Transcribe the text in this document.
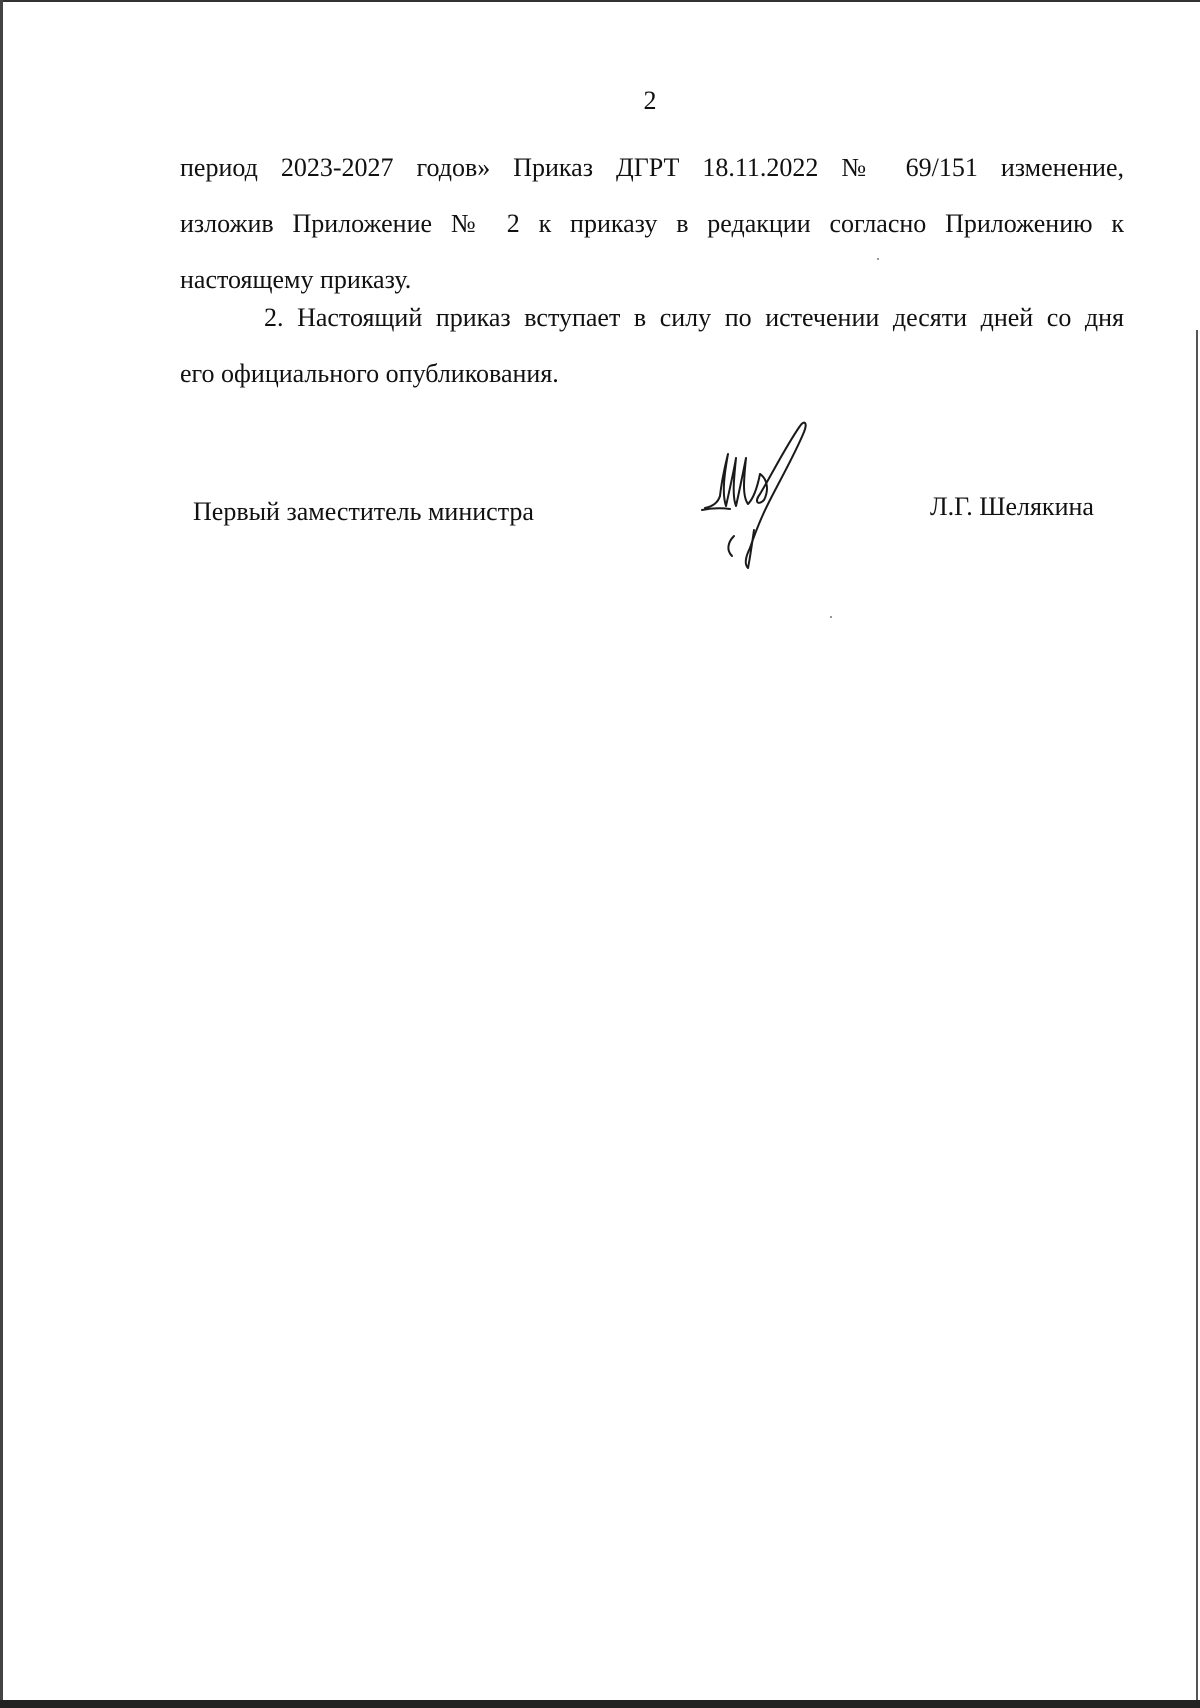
2
период 2023-2027 годов» Приказ ДГРТ 18.11.2022 № 69/151 изменение,
изложив Приложение № 2 к приказу в редакции согласно Приложению к
настоящему приказу.
2. Настоящий приказ вступает в силу по истечении десяти дней со дня
его официального опубликования.
Первый заместитель министра	Л.Г. Шелякина
